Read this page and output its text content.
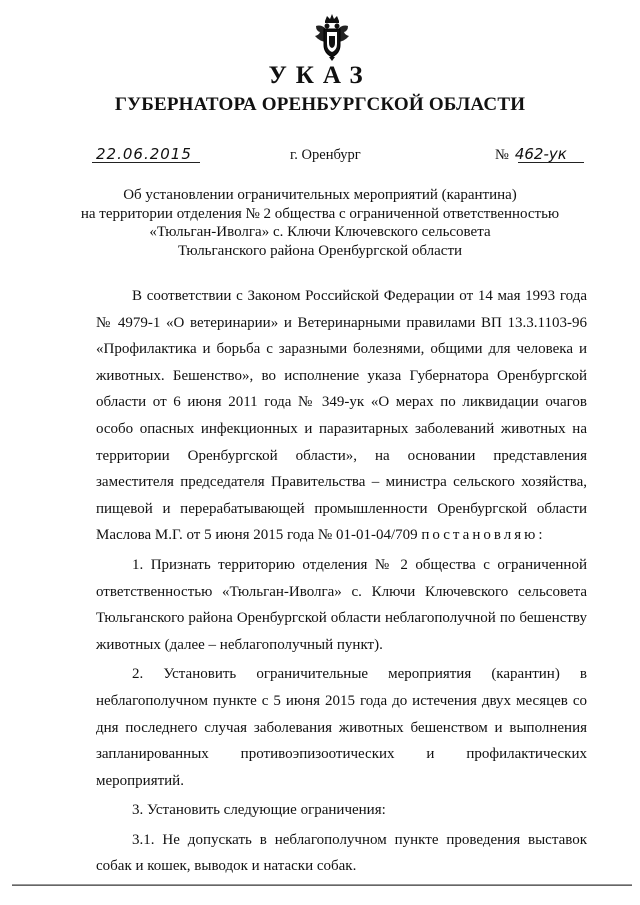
УКАЗ
ГУБЕРНАТОРА ОРЕНБУРГСКОЙ ОБЛАСТИ
22.06.2015	г. Оренбург	№ 462-ук
Об установлении ограничительных мероприятий (карантина)
на территории отделения № 2 общества с ограниченной ответственностью
«Тюльган-Иволга» с. Ключи Ключевского сельсовета
Тюльганского района Оренбургской области

В соответствии с Законом Российской Федерации от 14 мая 1993 года № 4979-1 «О ветеринарии» и Ветеринарными правилами ВП 13.3.1103-96 «Профилактика и борьба с заразными болезнями, общими для человека и животных. Бешенство», во исполнение указа Губернатора Оренбургской области от 6 июня 2011 года № 349-ук «О мерах по ликвидации очагов особо опасных инфекционных и паразитарных заболеваний животных на территории Оренбургской области», на основании представления заместителя председателя Правительства – министра сельского хозяйства, пищевой и перерабатывающей промышленности Оренбургской области Маслова М.Г. от 5 июня 2015 года № 01-01-04/709 постановляю:

1. Признать территорию отделения № 2 общества с ограниченной ответственностью «Тюльган-Иволга» с. Ключи Ключевского сельсовета Тюльганского района Оренбургской области неблагополучной по бешенству животных (далее – неблагополучный пункт).

2. Установить ограничительные мероприятия (карантин) в неблагополучном пункте с 5 июня 2015 года до истечения двух месяцев со дня последнего случая заболевания животных бешенством и выполнения запланированных противоэпизоотических и профилактических мероприятий.

3. Установить следующие ограничения:

3.1. Не допускать в неблагополучном пункте проведения выставок собак и кошек, выводок и натаски собак.
